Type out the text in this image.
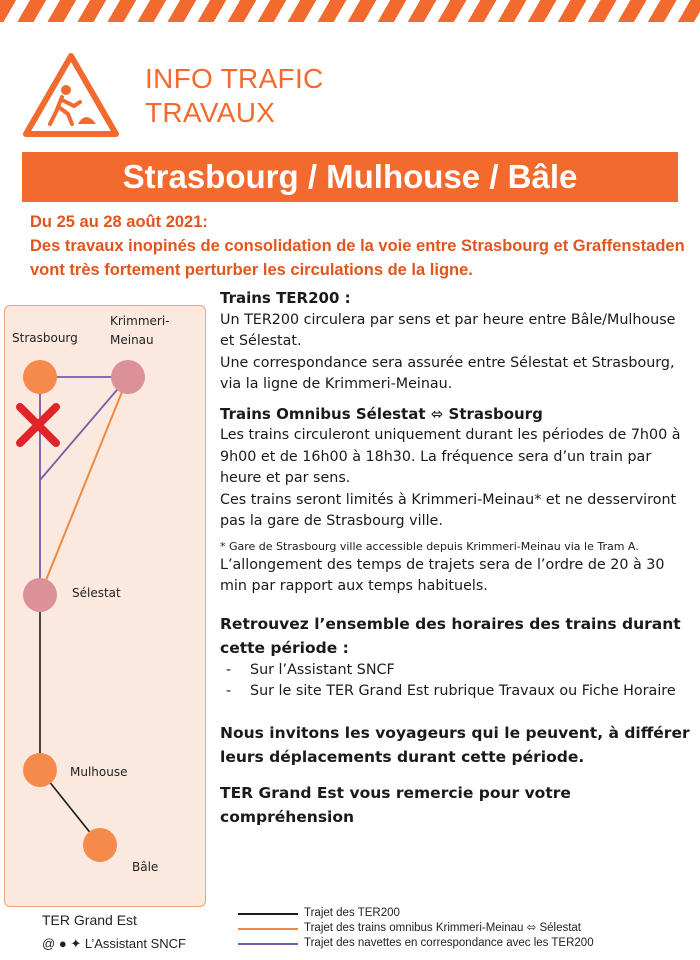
INFO TRAFIC
TRAVAUX
Strasbourg / Mulhouse / Bâle
Du 25 au 28 août 2021:
Des travaux inopinés de consolidation de la voie entre Strasbourg et Graffenstaden vont très fortement perturber les circulations de la ligne.
Strasbourg
Krimmeri-
Meinau
Sélestat
Mulhouse
Bâle

Trains TER200 :

Un TER200 circulera par sens et par heure entre Bâle/Mulhouse et Sélestat.

Une correspondance sera assurée entre Sélestat et Strasbourg, via la ligne de Krimmeri-Meinau.

Trains Omnibus Sélestat ⬄ Strasbourg

Les trains circuleront uniquement durant les périodes de 7h00 à 9h00 et de 16h00 à 18h30. La fréquence sera d’un train par heure et par sens.

Ces trains seront limités à Krimmeri-Meinau* et ne desserviront pas la gare de Strasbourg ville.

* Gare de Strasbourg ville accessible depuis Krimmeri-Meinau via le Tram A.

L’allongement des temps de trajets sera de l’ordre de 20 à 30 min par rapport aux temps habituels.

Retrouvez l’ensemble des horaires des trains durant cette période :

- Sur l’Assistant SNCF
- Sur le site TER Grand Est rubrique Travaux ou Fiche Horaire

Nous invitons les voyageurs qui le peuvent, à différer leurs déplacements durant cette période.

TER Grand Est vous remercie pour votre compréhension

TER Grand Est
@ ● ✦ L’Assistant SNCF
Trajet des TER200
Trajet des trains omnibus Krimmeri-Meinau ⬄ Sélestat
Trajet des navettes en correspondance avec les TER200
